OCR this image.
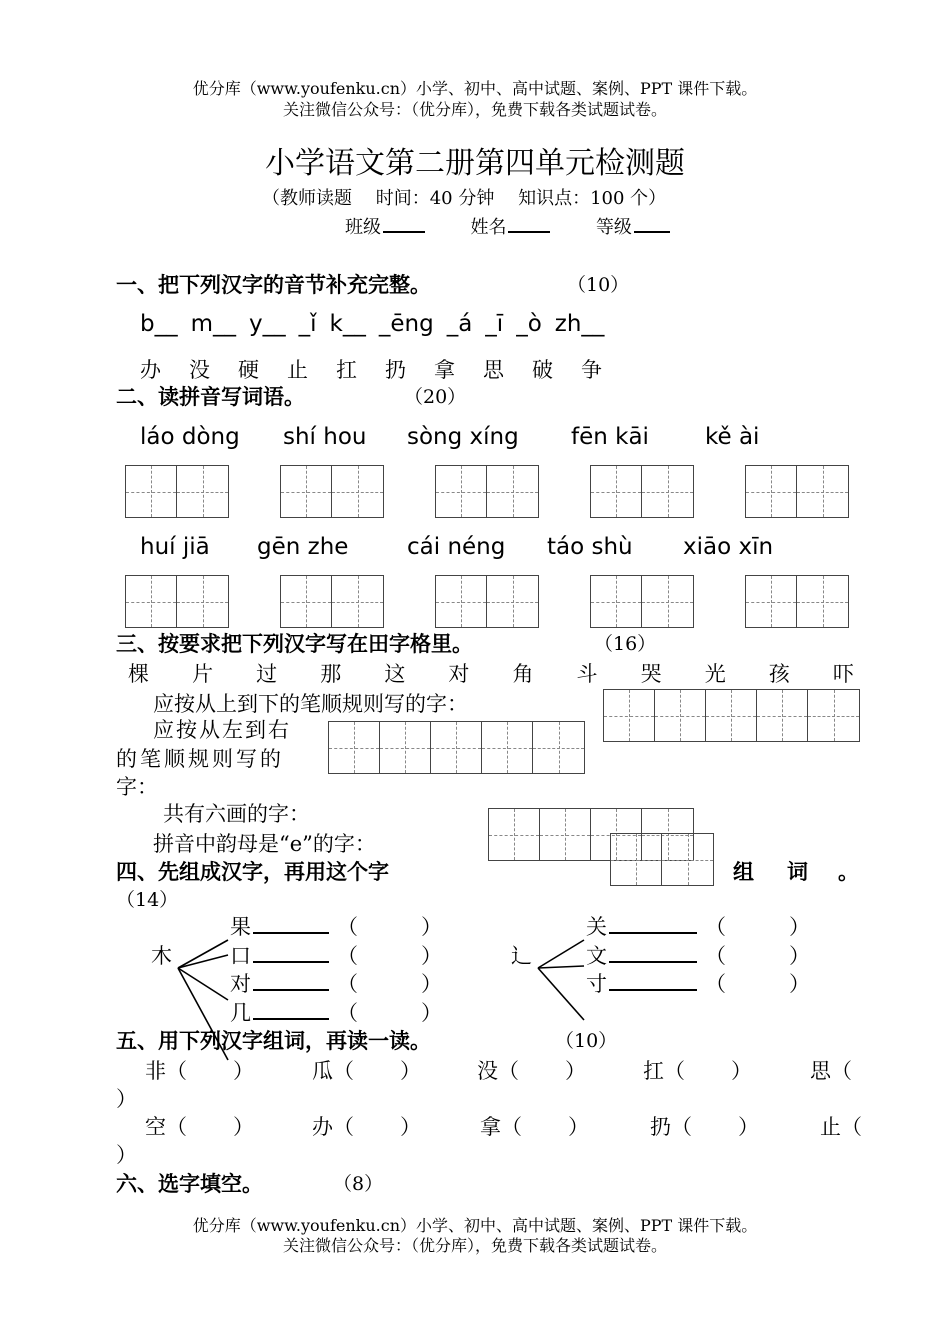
优分库（www.youfenku.cn）小学、初中、高中试题、案例、PPT 课件下载。
关注微信公众号：（优分库），免费下载各类试题试卷。
小学语文第二册第四单元检测题
（教师读题　 时间：40 分钟　 知识点：100 个）
班级	姓名	等级
一、把下列汉字的音节补充完整。	（10）
b__ m__ y__ _ǐ k__ _ēng _á _ī _ò zh__
办 没 硬 止 扛 扔 拿 思 破 争
二、读拼音写词语。	（20）
láo dòng shí hou sòng xíng fēn kāi kě ài
huí jiā gēn zhe	cái néng táo shù xiāo xīn
三、按要求把下列汉字写在田字格里。	（16）
棵 片 过 那 这 对 角 斗 哭 光 孩 吓
应按从上到下的笔顺规则写的字：
应按从左到右
的笔顺规则写的
字：
共有六画的字：
拼音中韵母是“e”的字：
四、先组成汉字，再用这个字	组 词 。
（14）
木	辶
果	（　　　）
口	（　　　）
对	（　　　）
几	（　　　）
关	（　　　）
文	（　　　）
寸	（　　　）
五、用下列汉字组词，再读一读。	（10）
非（ ）	瓜（ ）	没（ ）	扛（ ）	思（
）
空（ ）	办（ ）	拿（ ）	扔（ ）	止（
）
六、选字填空。	（8）
优分库（www.youfenku.cn）小学、初中、高中试题、案例、PPT 课件下载。
关注微信公众号：（优分库），免费下载各类试题试卷。
